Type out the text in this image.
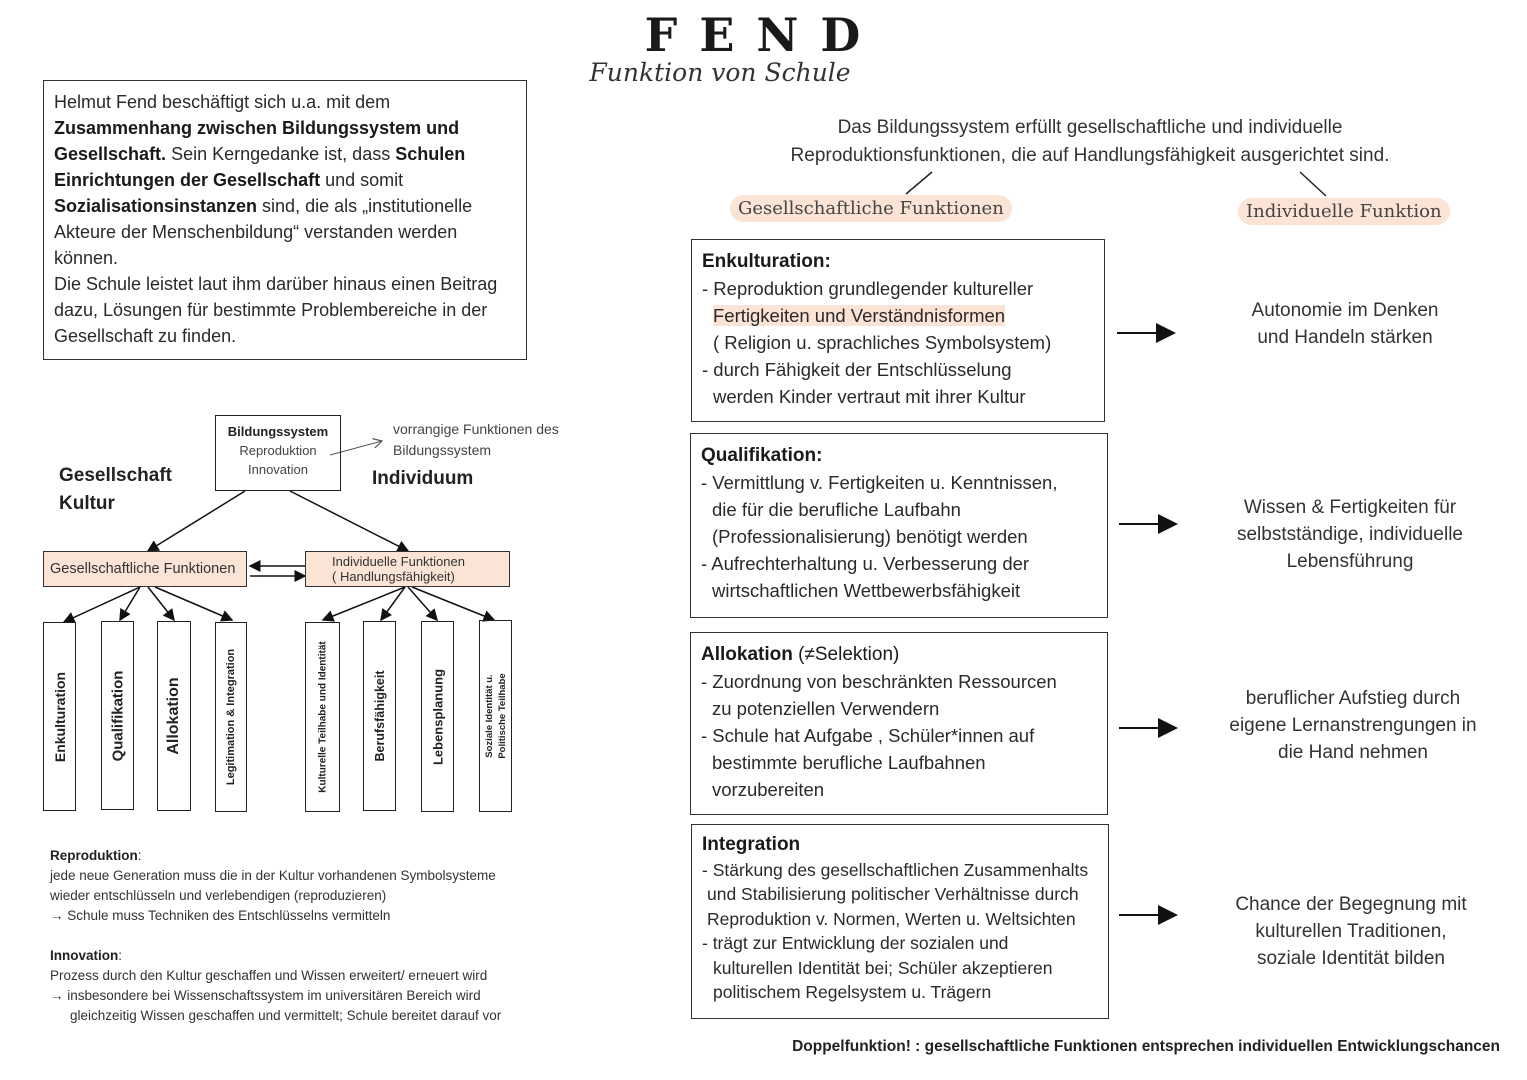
FEND
Funktion von Schule
Helmut Fend beschäftigt sich u.a. mit dem Zusammenhang zwischen Bildungssystem und Gesellschaft. Sein Kerngedanke ist, dass Schulen Einrichtungen der Gesellschaft und somit Sozialisationsinstanzen sind, die als „institutionelle Akteure der Menschenbildung“ verstanden werden können.
Die Schule leistet laut ihm darüber hinaus einen Beitrag dazu, Lösungen für bestimmte Problembereiche in der Gesellschaft zu finden.
Das Bildungssystem erfüllt gesellschaftliche und individuelle
Reproduktionsfunktionen, die auf Handlungsfähigkeit ausgerichtet sind.
Gesellschaftliche Funktionen	Individuelle Funktion
Enkulturation:
- Reproduktion grundlegender kultureller
Fertigkeiten und Verständnisformen
( Religion u. sprachliches Symbolsystem)
- durch Fähigkeit der Entschlüsselung
werden Kinder vertraut mit ihrer Kultur
Autonomie im Denken
und Handeln stärken
Qualifikation:
- Vermittlung v. Fertigkeiten u. Kenntnissen,
die für die berufliche Laufbahn
(Professionalisierung) benötigt werden
- Aufrechterhaltung u. Verbesserung der
wirtschaftlichen Wettbewerbsfähigkeit
Wissen & Fertigkeiten für
selbstständige, individuelle
Lebensführung
Allokation (≠Selektion)
- Zuordnung von beschränkten Ressourcen
zu potenziellen Verwendern
- Schule hat Aufgabe , Schüler*innen auf
bestimmte berufliche Laufbahnen
vorzubereiten
beruflicher Aufstieg durch
eigene Lernanstrengungen in
die Hand nehmen
Integration
- Stärkung des gesellschaftlichen Zusammenhalts
und Stabilisierung politischer Verhältnisse durch
Reproduktion v. Normen, Werten u. Weltsichten
- trägt zur Entwicklung der sozialen und
kulturellen Identität bei; Schüler akzeptieren
politischem Regelsystem u. Trägern
Chance der Begegnung mit
kulturellen Traditionen,
soziale Identität bilden
Gesellschaft
Kultur
Individuum
Bildungssystem
Reproduktion
Innovation
vorrangige Funktionen des
Bildungssystem
Gesellschaftliche Funktionen	Individuelle Funktionen
( Handlungsfähigkeit)
Enkulturation	Qualifikation Allokation	Legitimation & Integration	Kulturelle Teilhabe und Identität	Berufsfähigkeit	Lebensplanung	Soziale Identität u. Politische Teilhabe
Reproduktion:
jede neue Generation muss die in der Kultur vorhandenen Symbolsysteme
wieder entschlüsseln und verlebendigen (reproduzieren)
→ Schule muss Techniken des Entschlüsselns vermitteln
Innovation:
Prozess durch den Kultur geschaffen und Wissen erweitert/ erneuert wird
→ insbesondere bei Wissenschaftssystem im universitären Bereich wird
gleichzeitig Wissen geschaffen und vermittelt; Schule bereitet darauf vor
Doppelfunktion! : gesellschaftliche Funktionen entsprechen individuellen Entwicklungschancen
